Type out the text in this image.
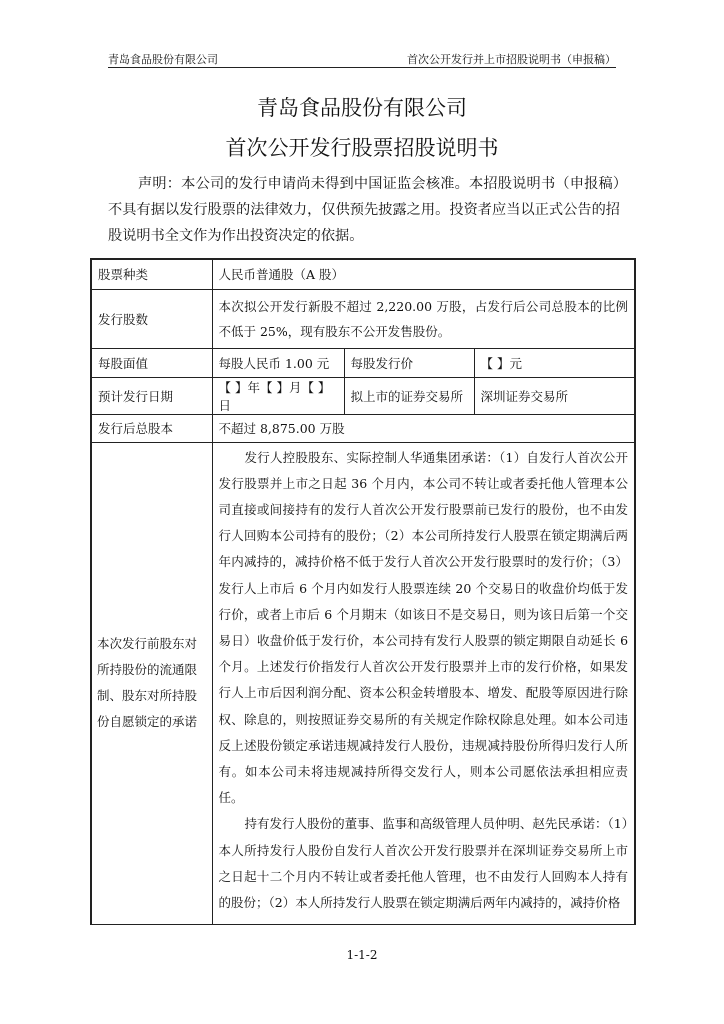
青岛食品股份有限公司	首次公开发行并上市招股说明书（申报稿）
青岛食品股份有限公司
首次公开发行股票招股说明书
声明：本公司的发行申请尚未得到中国证监会核准。本招股说明书（申报稿）不具有据以发行股票的法律效力，仅供预先披露之用。投资者应当以正式公告的招股说明书全文作为作出投资决定的依据。
股票种类	人民币普通股（A 股）		
发行股数	本次拟公开发行新股不超过 2,220.00 万股，占发行后公司总股本的比例不低于 25%，现有股东不公开发售股份。		
每股面值	每股人民币 1.00 元	每股发行价	【 】元
预计发行日期	【 】年【 】月【 】日	拟上市的证券交易所	深圳证券交易所
发行后总股本	不超过 8,875.00 万股		
本次发行前股东对所持股份的流通限制、股东对所持股份自愿锁定的承诺	发行人控股股东、实际控制人华通集团承诺：（1）自发行人首次公开发行股票并上市之日起 36 个月内，本公司不转让或者委托他人管理本公司直接或间接持有的发行人首次公开发行股票前已发行的股份，也不由发行人回购本公司持有的股份；（2）本公司所持发行人股票在锁定期满后两年内减持的，减持价格不低于发行人首次公开发行股票时的发行价；（3）发行人上市后 6 个月内如发行人股票连续 20 个交易日的收盘价均低于发行价，或者上市后 6 个月期末（如该日不是交易日，则为该日后第一个交易日）收盘价低于发行价，本公司持有发行人股票的锁定期限自动延长 6 个月。上述发行价指发行人首次公开发行股票并上市的发行价格，如果发行人上市后因利润分配、资本公积金转增股本、增发、配股等原因进行除权、除息的，则按照证券交易所的有关规定作除权除息处理。如本公司违反上述股份锁定承诺违规减持发行人股份，违规减持股份所得归发行人所有。如本公司未将违规减持所得交发行人，则本公司愿依法承担相应责任。

持有发行人股份的董事、监事和高级管理人员仲明、赵先民承诺：（1）本人所持发行人股份自发行人首次公开发行股票并在深圳证券交易所上市之日起十二个月内不转让或者委托他人管理，也不由发行人回购本人持有的股份；（2）本人所持发行人股票在锁定期满后两年内减持的，减持价格		

1-1-2
